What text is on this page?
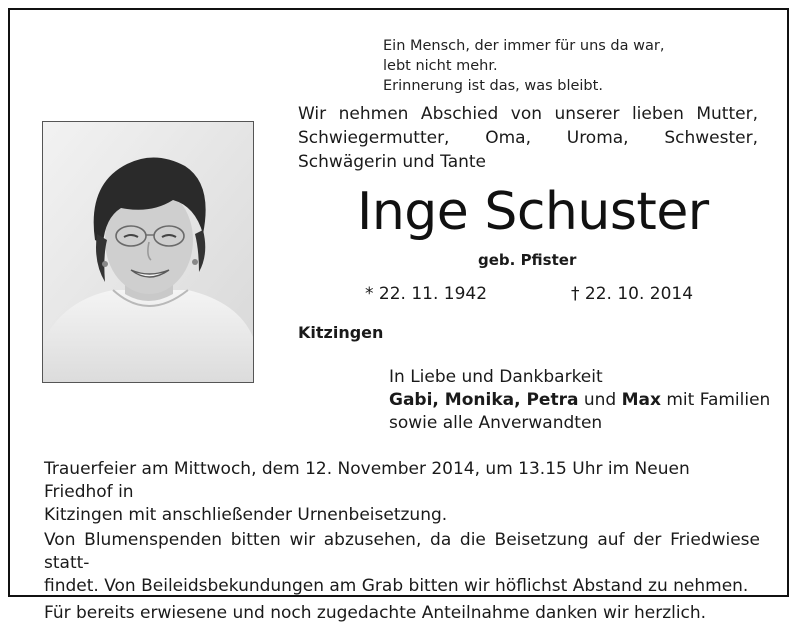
Ein Mensch, der immer für uns da war,
lebt nicht mehr.
Erinnerung ist das, was bleibt.
Wir nehmen Abschied von unserer lieben Mutter, Schwiegermutter, Oma, Uroma, Schwester, Schwägerin und Tante
Inge Schuster
geb. Pfister
* 22. 11. 1942	† 22. 10. 2014
Kitzingen
In Liebe und Dankbarkeit
Gabi, Monika, Petra und Max mit Familien
sowie alle Anverwandten

Trauerfeier am Mittwoch, dem 12. November 2014, um 13.15 Uhr im Neuen Friedhof in
Kitzingen mit anschließender Urnenbeisetzung.

Von Blumenspenden bitten wir abzusehen, da die Beisetzung auf der Friedwiese statt-
findet. Von Beileidsbekundungen am Grab bitten wir höflichst Abstand zu nehmen.

Für bereits erwiesene und noch zugedachte Anteilnahme danken wir herzlich.
